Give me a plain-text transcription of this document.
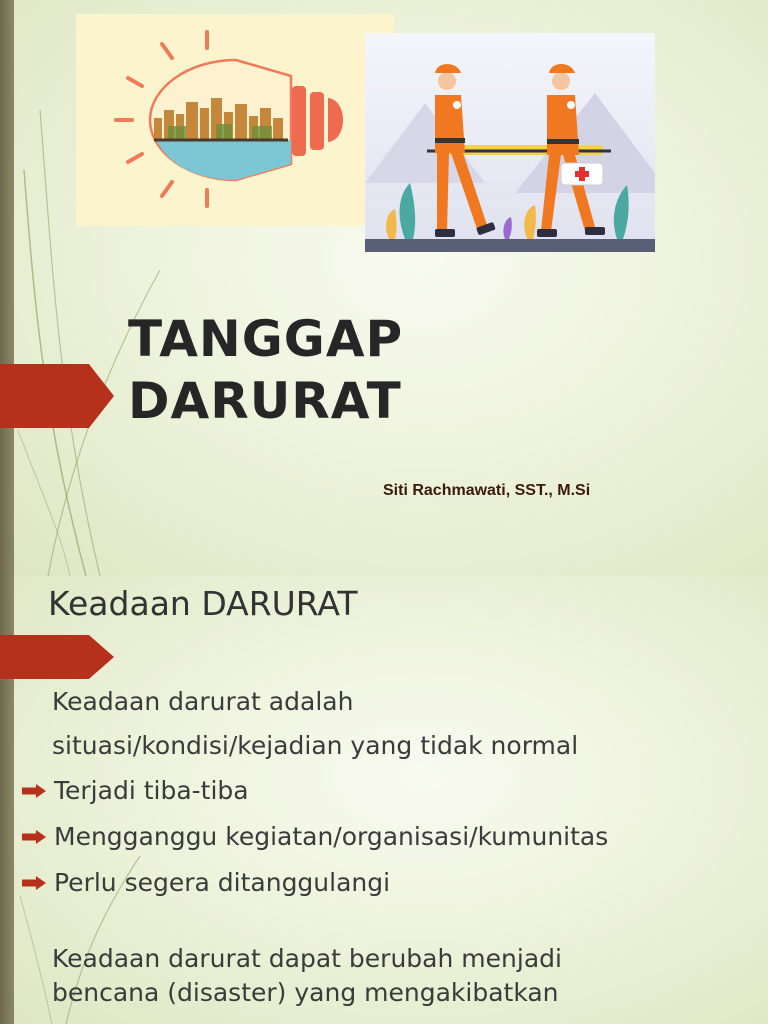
TANGGAP
DARURAT
Siti Rachmawati, SST., M.Si
Keadaan DARURAT

Keadaan darurat adalah
situasi/kondisi/kejadian yang tidak normal

Terjadi tiba-tiba
Mengganggu kegiatan/organisasi/kumunitas
Perlu segera ditanggulangi

Keadaan darurat dapat berubah menjadi
bencana (disaster) yang mengakibatkan
